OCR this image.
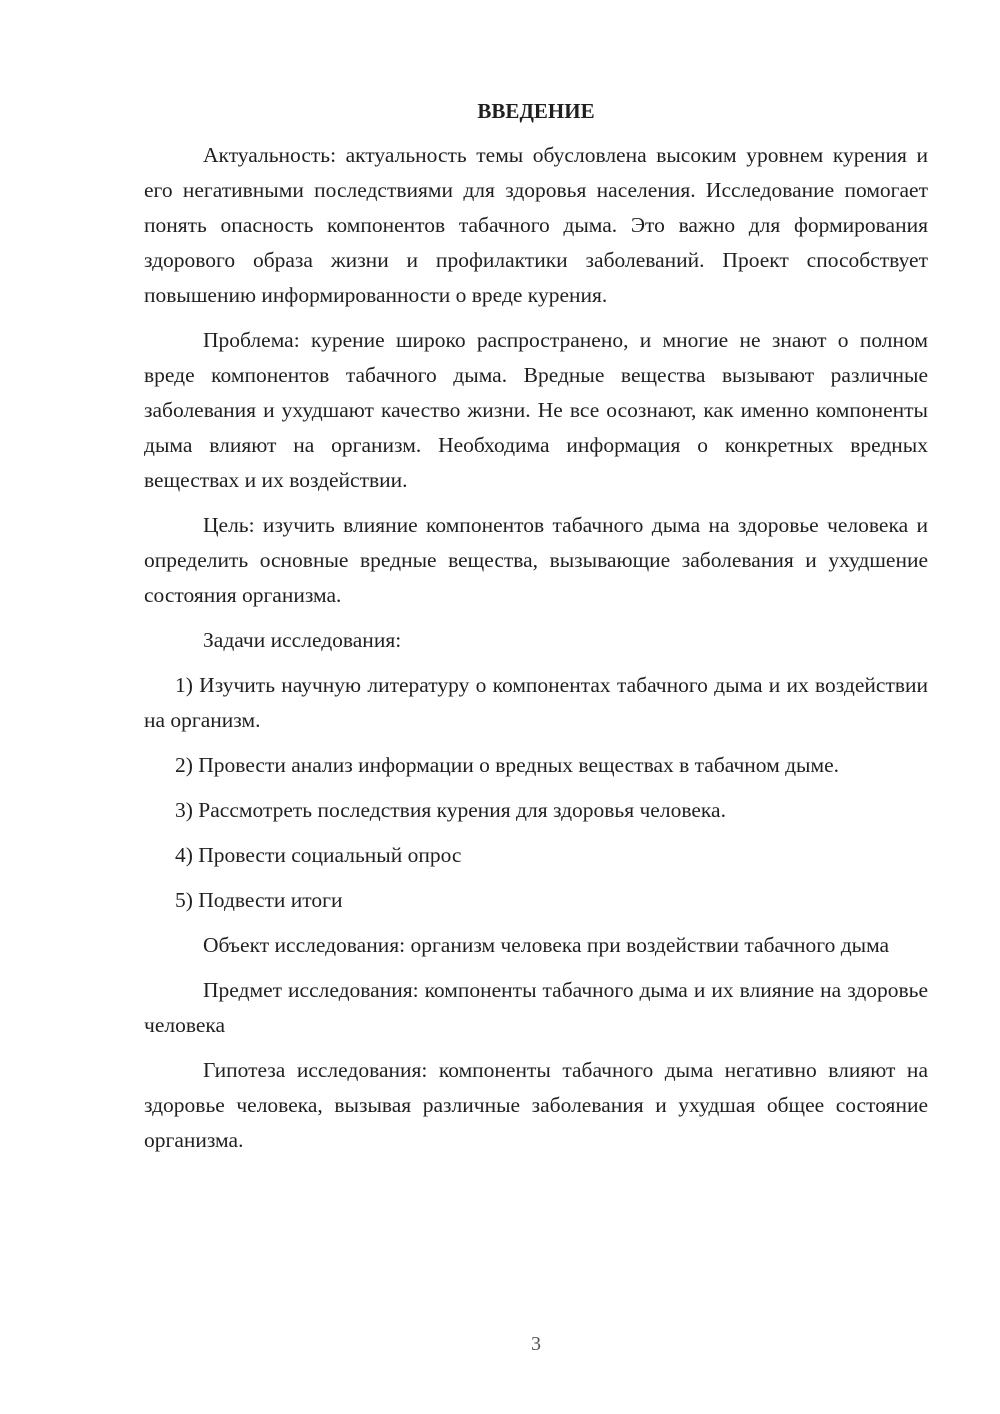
ВВЕДЕНИЕ

Актуальность: актуальность темы обусловлена высоким уровнем курения и его негативными последствиями для здоровья населения. Исследование помогает понять опасность компонентов табачного дыма. Это важно для формирования здорового образа жизни и профилактики заболеваний. Проект способствует повышению информированности о вреде курения.

Проблема: курение широко распространено, и многие не знают о полном вреде компонентов табачного дыма. Вредные вещества вызывают различные заболевания и ухудшают качество жизни. Не все осознают, как именно компоненты дыма влияют на организм. Необходима информация о конкретных вредных веществах и их воздействии.

Цель: изучить влияние компонентов табачного дыма на здоровье человека и определить основные вредные вещества, вызывающие заболевания и ухудшение состояния организма.

Задачи исследования:

1) Изучить научную литературу о компонентах табачного дыма и их воздействии на организм.

2) Провести анализ информации о вредных веществах в табачном дыме.

3) Рассмотреть последствия курения для здоровья человека.

4) Провести социальный опрос

5) Подвести итоги

Объект исследования: организм человека при воздействии табачного дыма

Предмет исследования: компоненты табачного дыма и их влияние на здоровье человека

Гипотеза исследования: компоненты табачного дыма негативно влияют на здоровье человека, вызывая различные заболевания и ухудшая общее состояние организма.

3
